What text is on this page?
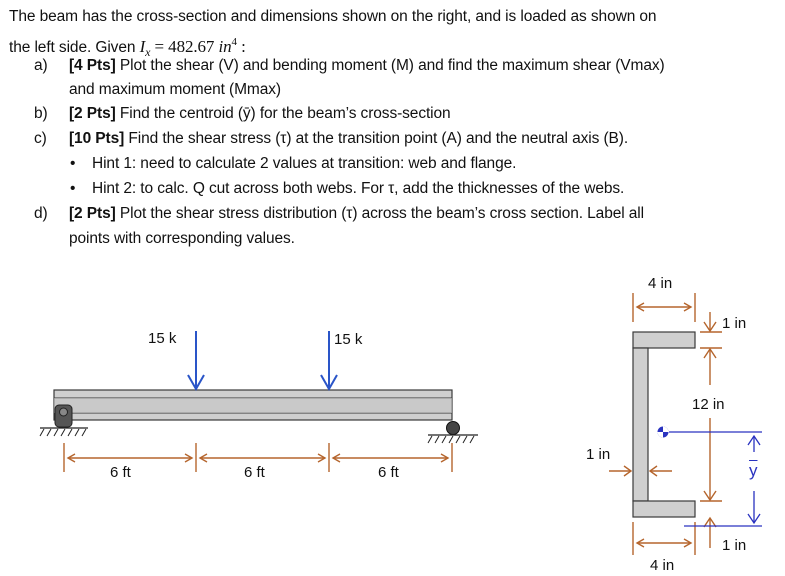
The beam has the cross-section and dimensions shown on the right, and is loaded as shown on
the left side. Given $I_x = 482.67$ $in^4$ :
a) [4 Pts] Plot the shear (V) and bending moment (M) and find the maximum shear (Vmax)
and maximum moment (Mmax)
b) [2 Pts] Find the centroid (ȳ) for the beam’s cross-section
c) [10 Pts] Find the shear stress (τ) at the transition point (A) and the neutral axis (B).
• Hint 1: need to calculate 2 values at transition: web and flange.
• Hint 2: to calc. Q cut across both webs. For τ, add the thicknesses of the webs.
d) [2 Pts] Plot the shear stress distribution (τ) across the beam’s cross section. Label all
points with corresponding values.
15 k	15 k
6 ft	6 ft	6 ft
4 in
1 in
12 in
1 in
1 in
4 in
$\overline{y}$
